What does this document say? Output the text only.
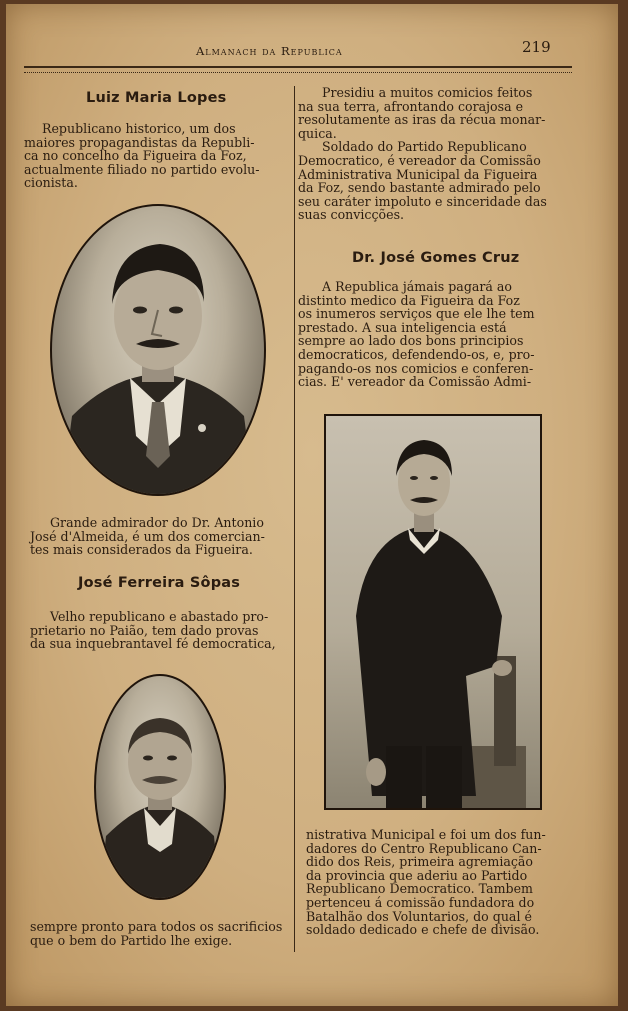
Almanach da Republica	219
Luiz Maria Lopes
Republicano historico, um dos
maiores propagandistas da Republi-
ca no concelho da Figueira da Foz,
actualmente filiado no partido evolu-
cionista.
Grande admirador do Dr. Antonio
José d'Almeida, é um dos comercian-
tes mais considerados da Figueira.
José Ferreira Sôpas
Velho republicano e abastado pro-
prietario no Paião, tem dado provas
da sua inquebrantavel fé democratica,
sempre pronto para todos os sacrificios
que o bem do Partido lhe exige.
Presidiu a muitos comicios feitos
na sua terra, afrontando corajosa e
resolutamente as iras da récua monar-
quica.
Soldado do Partido Republicano
Democratico, é vereador da Comissão
Administrativa Municipal da Figueira
da Foz, sendo bastante admirado pelo
seu caráter impoluto e sinceridade das
suas convicções.
Dr. José Gomes Cruz
A Republica jámais pagará ao
distinto medico da Figueira da Foz
os inumeros serviços que ele lhe tem
prestado. A sua inteligencia está
sempre ao lado dos bons principios
democraticos, defendendo-os, e, pro-
pagando-os nos comicios e conferen-
cias. E' vereador da Comissão Admi-
nistrativa Municipal e foi um dos fun-
dadores do Centro Republicano Can-
dido dos Reis, primeira agremiação
da provincia que aderiu ao Partido
Republicano Democratico. Tambem
pertenceu á comissão fundadora do
Batalhão dos Voluntarios, do qual é
soldado dedicado e chefe de divisão.
